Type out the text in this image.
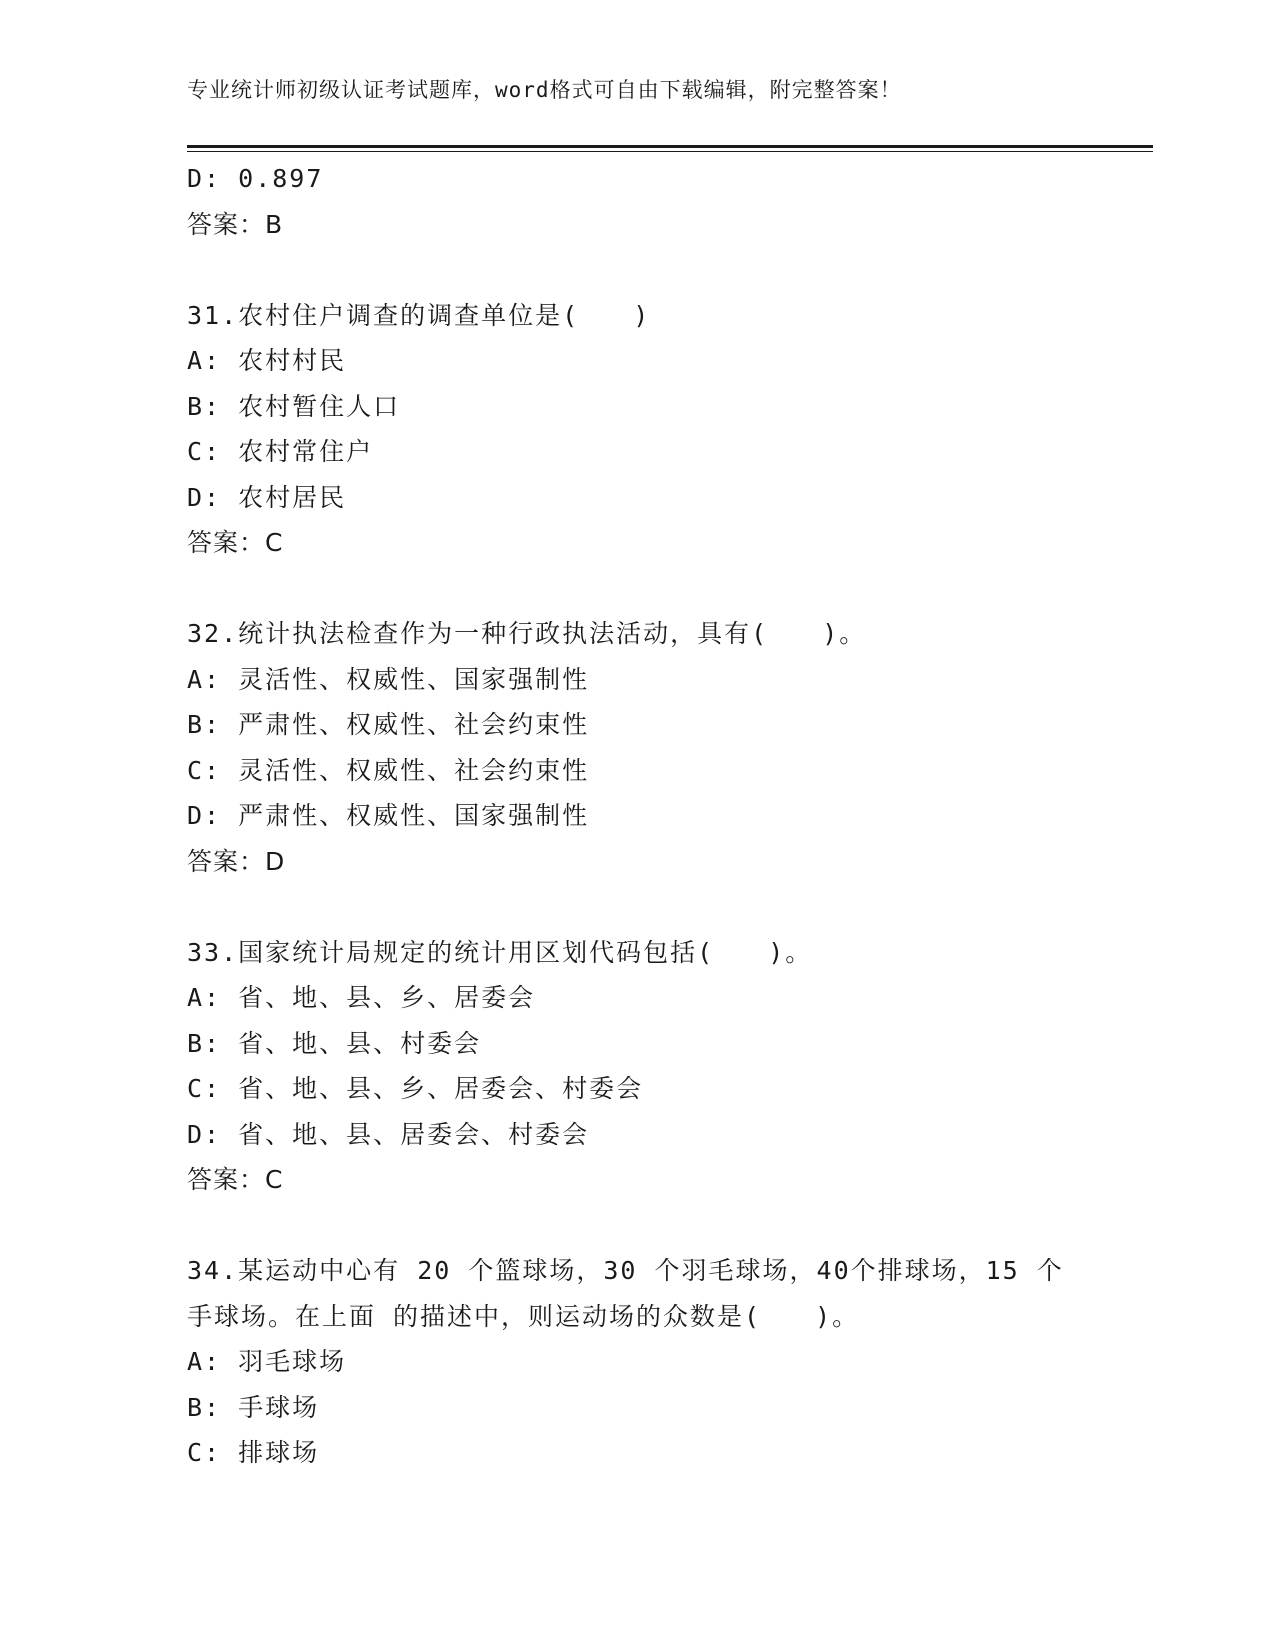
专业统计师初级认证考试题库，word格式可自由下载编辑，附完整答案！
D: 0.897
答案：B
31.农村住户调查的调查单位是(　　)
A: 农村村民
B: 农村暂住人口
C: 农村常住户
D: 农村居民
答案：C
32.统计执法检查作为一种行政执法活动，具有(　　)。
A: 灵活性、权威性、国家强制性
B: 严肃性、权威性、社会约束性
C: 灵活性、权威性、社会约束性
D: 严肃性、权威性、国家强制性
答案：D
33.国家统计局规定的统计用区划代码包括(　　)。
A: 省、地、县、乡、居委会
B: 省、地、县、村委会
C: 省、地、县、乡、居委会、村委会
D: 省、地、县、居委会、村委会
答案：C
34.某运动中心有 20 个篮球场，30 个羽毛球场，40个排球场，15 个
手球场。在上面 的描述中，则运动场的众数是(　　)。
A: 羽毛球场
B: 手球场
C: 排球场
